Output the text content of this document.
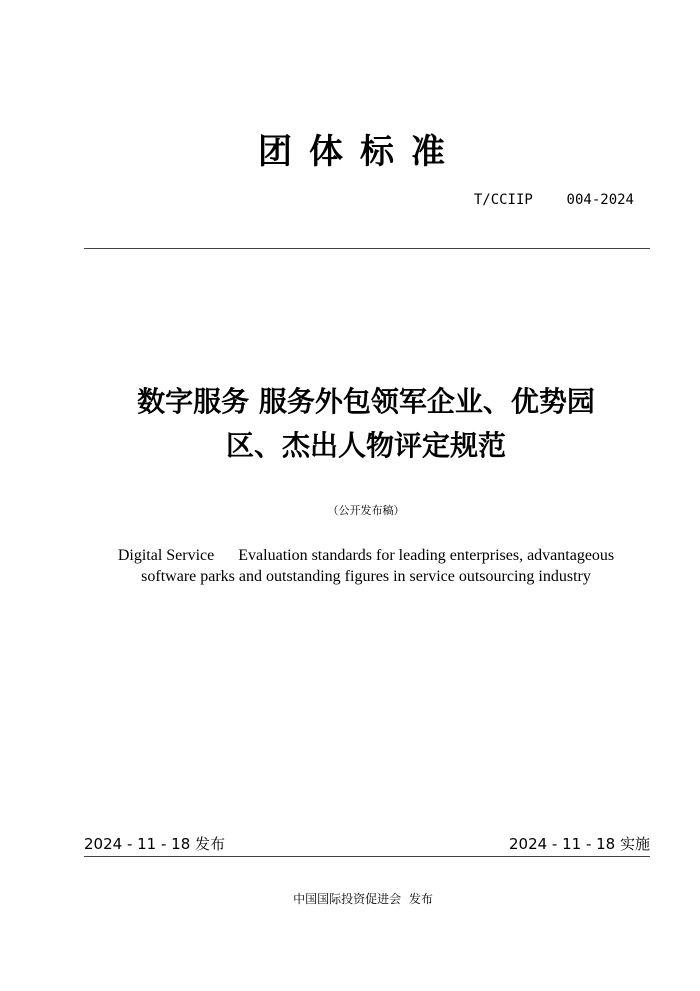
团体标准
T/CCIIP    004-2024
数字服务 服务外包领军企业、优势园
区、杰出人物评定规范
（公开发布稿）
Digital Service Evaluation standards for leading enterprises, advantageous
software parks and outstanding figures in service outsourcing industry
2024 - 11 - 18 发布	2024 - 11 - 18 实施
中国国际投资促进会 发布
